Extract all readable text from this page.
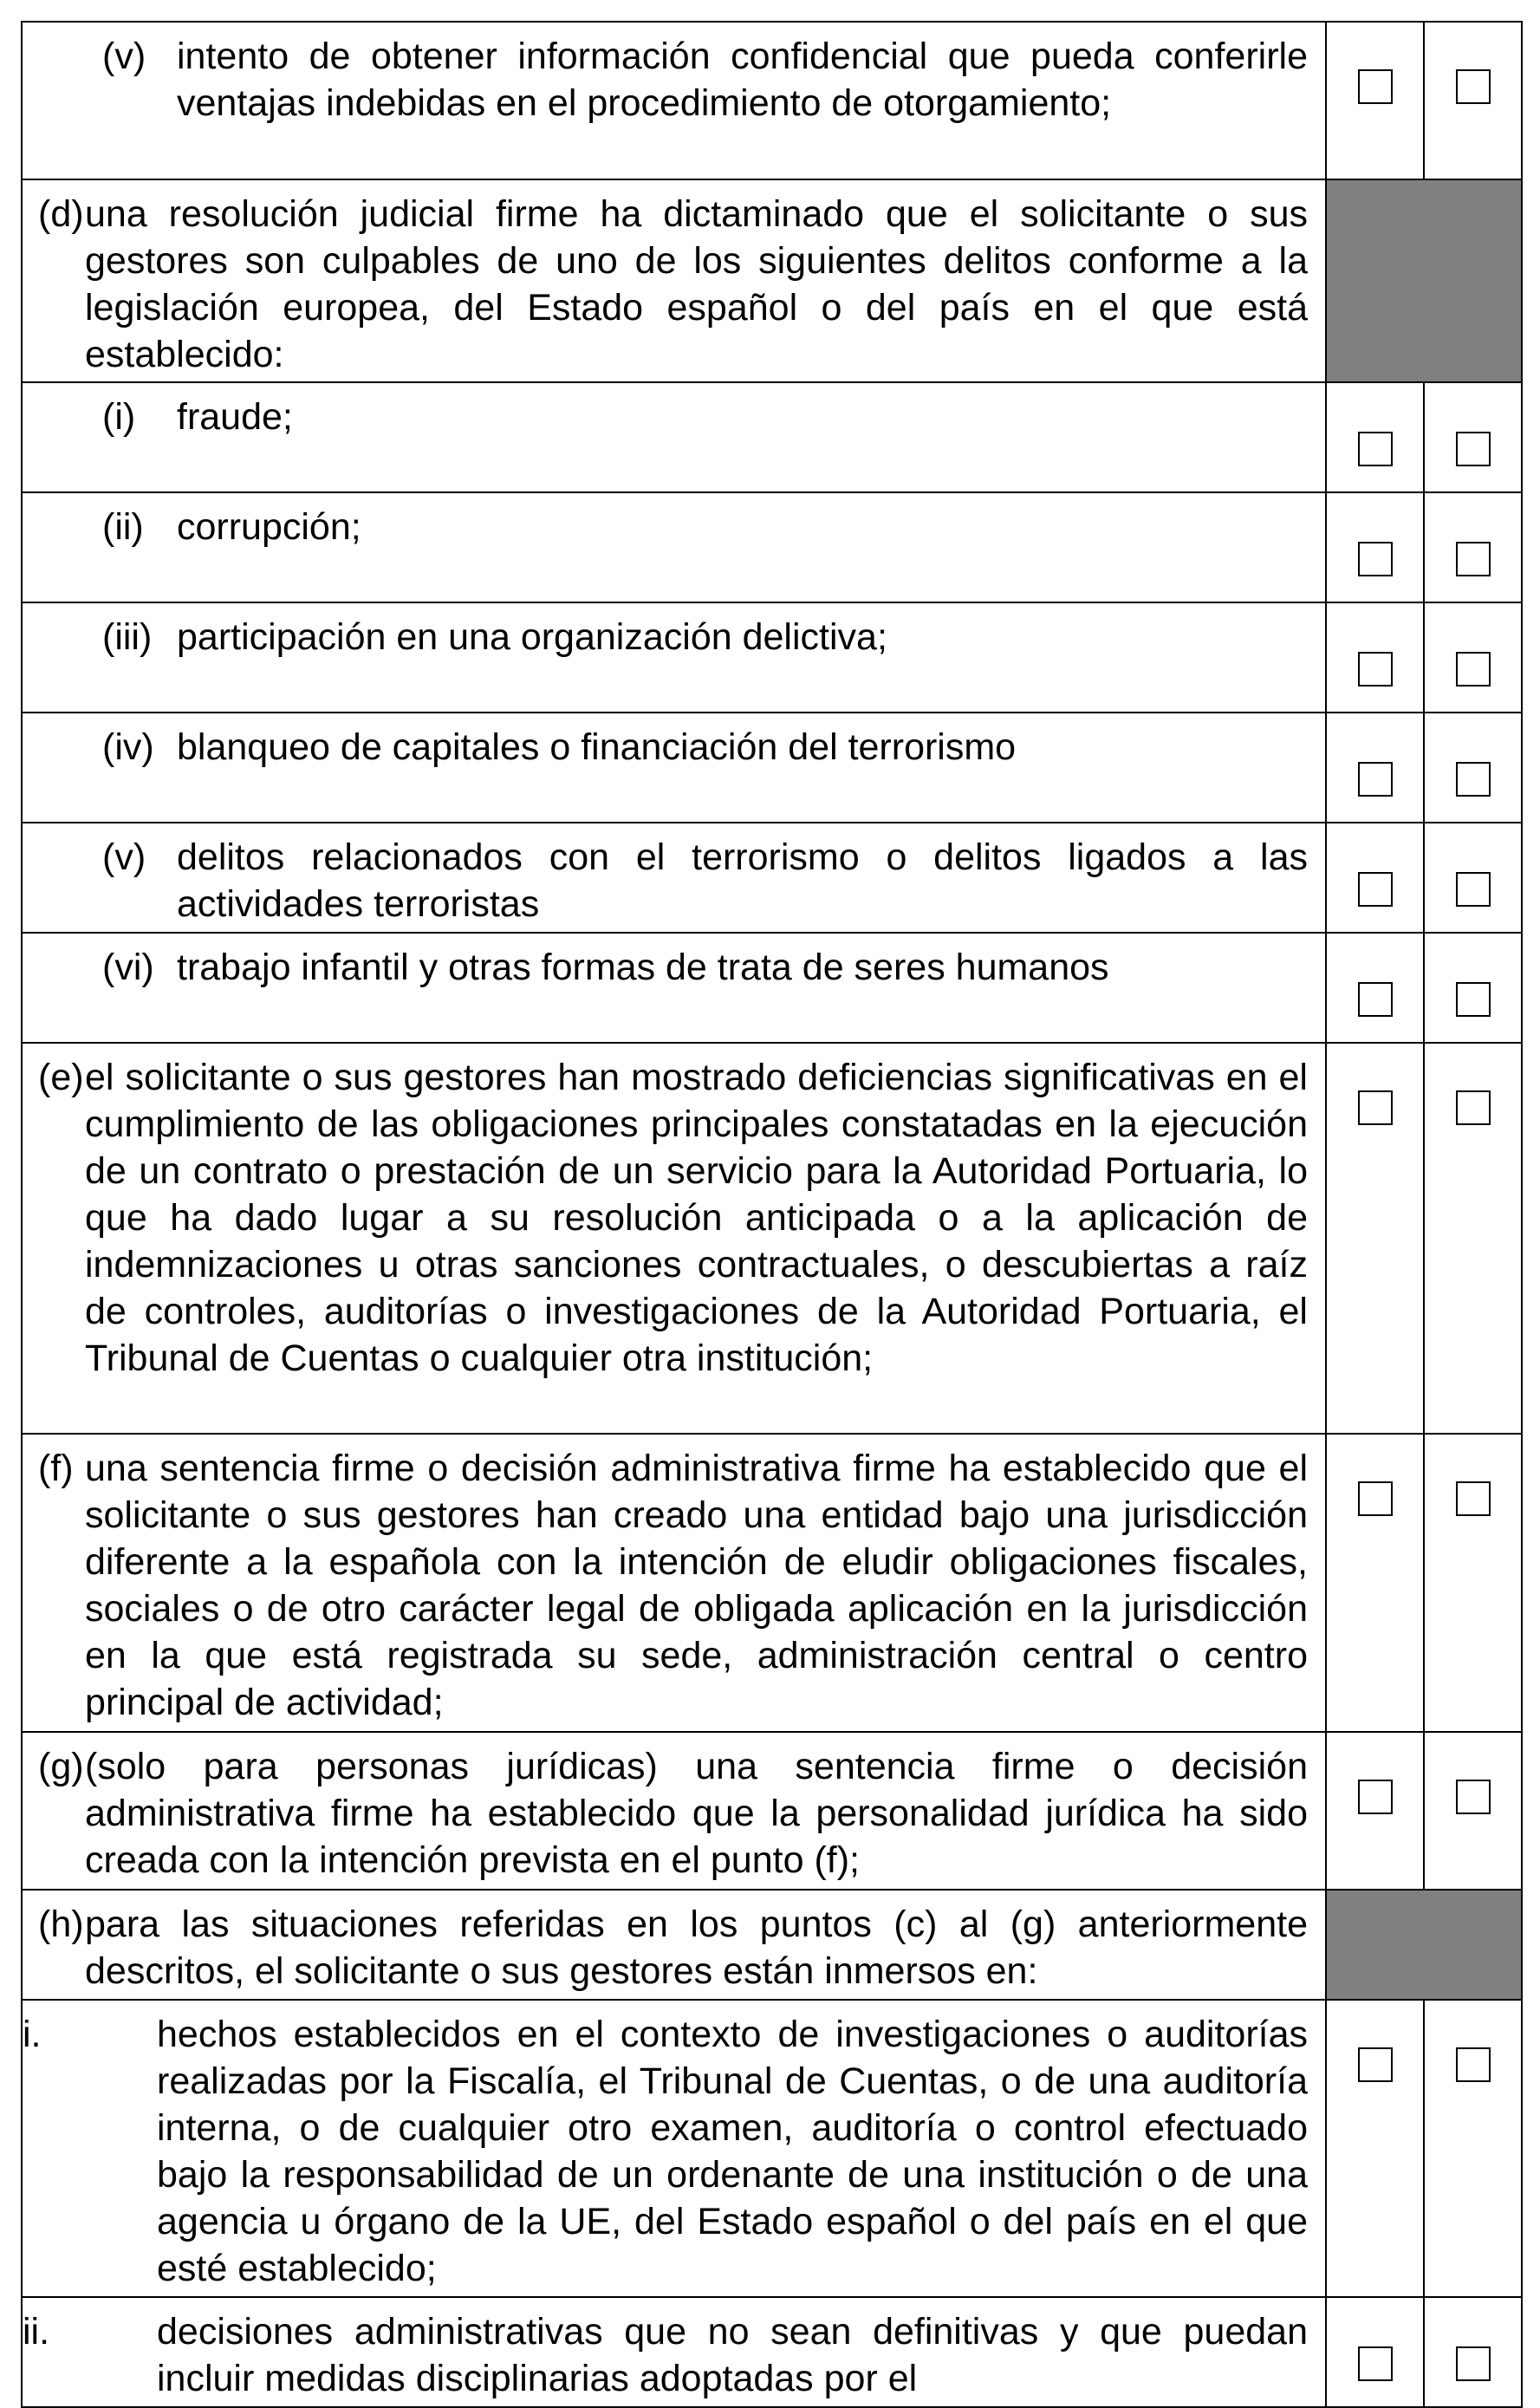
(v) intento de obtener información confidencial que pueda conferirle ventajas indebidas en el procedimiento de otorgamiento;		

(d) una resolución judicial firme ha dictaminado que el solicitante o sus gestores son culpables de uno de los siguientes delitos conforme a la legislación europea, del Estado español o del país en el que está establecido:		

(i) fraude;		

(ii) corrupción;		

(iii) participación en una organización delictiva;		

(iv) blanqueo de capitales o financiación del terrorismo		

(v) delitos relacionados con el terrorismo o delitos ligados a las actividades terroristas		

(vi) trabajo infantil y otras formas de trata de seres humanos		

(e) el solicitante o sus gestores han mostrado deficiencias significativas en el cumplimiento de las obligaciones principales constatadas en la ejecución de un contrato o prestación de un servicio para la Autoridad Portuaria, lo que ha dado lugar a su resolución anticipada o a la aplicación de indemnizaciones u otras sanciones contractuales, o descubiertas a raíz de controles, auditorías o investigaciones de la Autoridad Portuaria, el Tribunal de Cuentas o cualquier otra institución;		

(f) una sentencia firme o decisión administrativa firme ha establecido que el solicitante o sus gestores han creado una entidad bajo una jurisdicción diferente a la española con la intención de eludir obligaciones fiscales, sociales o de otro carácter legal de obligada aplicación en la jurisdicción en la que está registrada su sede, administración central o centro principal de actividad;		

(g) (solo para personas jurídicas) una sentencia firme o decisión administrativa firme ha establecido que la personalidad jurídica ha sido creada con la intención prevista en el punto (f);		

(h) para las situaciones referidas en los puntos (c) al (g) anteriormente descritos, el solicitante o sus gestores están inmersos en:		

i. hechos establecidos en el contexto de investigaciones o auditorías realizadas por la Fiscalía, el Tribunal de Cuentas, o de una auditoría interna, o de cualquier otro examen, auditoría o control efectuado bajo la responsabilidad de un ordenante de una institución o de una agencia u órgano de la UE, del Estado español o del país en el que esté establecido;		

ii. decisiones administrativas que no sean definitivas y que puedan incluir medidas disciplinarias adoptadas por el		
